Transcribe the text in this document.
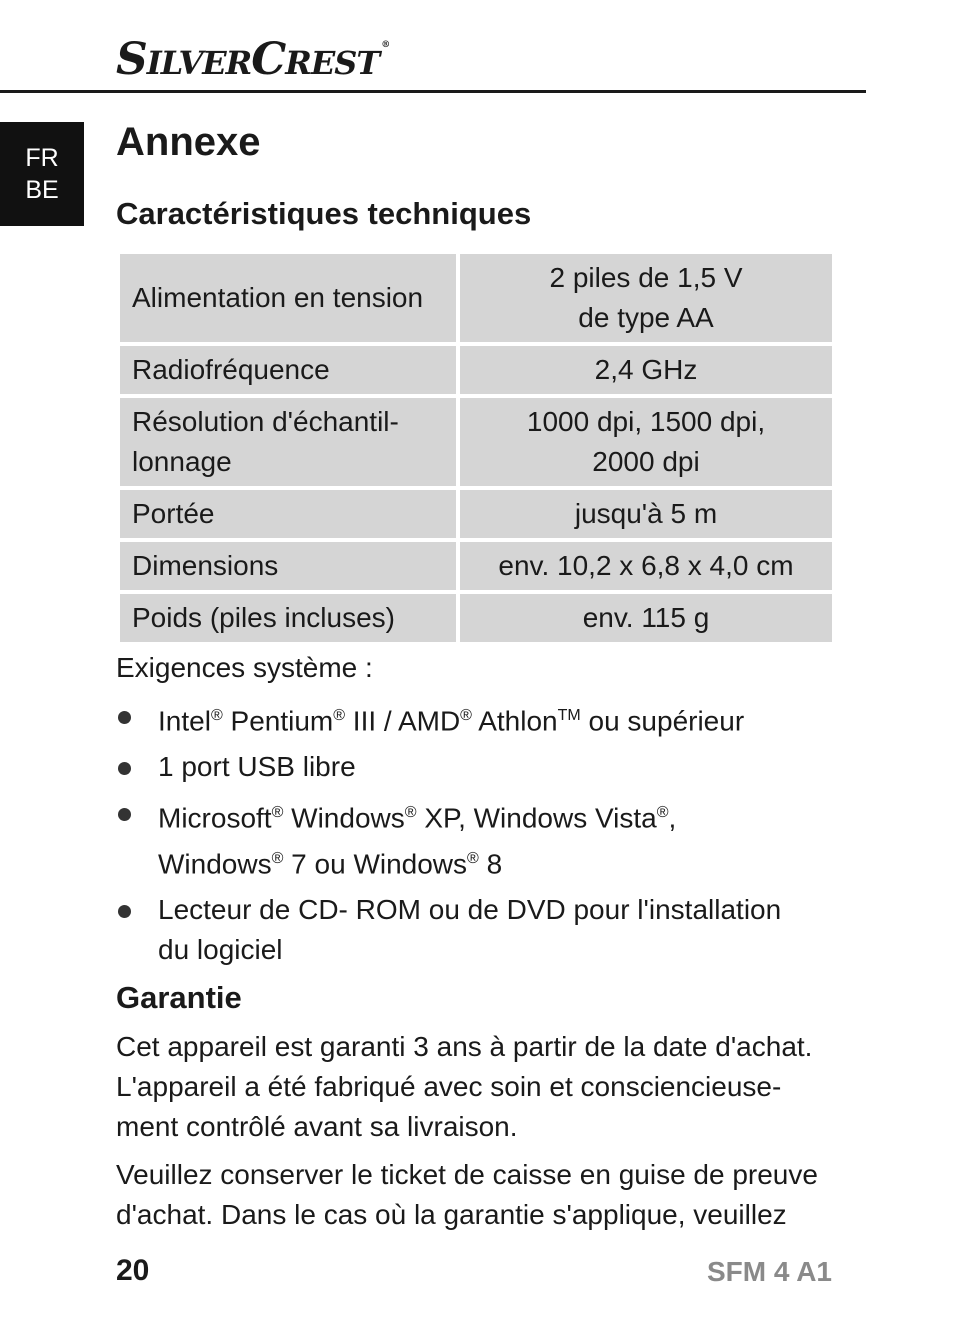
SILVERCREST ®
FR
BE
Annexe
Caractéristiques techniques
Alimentation en tension	2 piles de 1,5 V
de type AA
Radiofréquence	2,4 GHz
Résolution d'échantil-
lonnage	1000 dpi, 1500 dpi,
2000 dpi
Portée	jusqu'à 5 m
Dimensions	env. 10,2 x 6,8 x 4,0 cm
Poids (piles incluses)	env. 115 g
Exigences système :
Intel® Pentium® III / AMD® Athlon™ ou supérieur
1 port USB libre
Microsoft® Windows® XP, Windows Vista®,
Windows® 7 ou Windows® 8
Lecteur de CD- ROM ou de DVD pour l'installation
du logiciel
Garantie

Cet appareil est garanti 3 ans à partir de la date d'achat.
L'appareil a été fabriqué avec soin et consciencieuse-
ment contrôlé avant sa livraison.

Veuillez conserver le ticket de caisse en guise de preuve
d'achat. Dans le cas où la garantie s'applique, veuillez

20	SFM 4 A1
